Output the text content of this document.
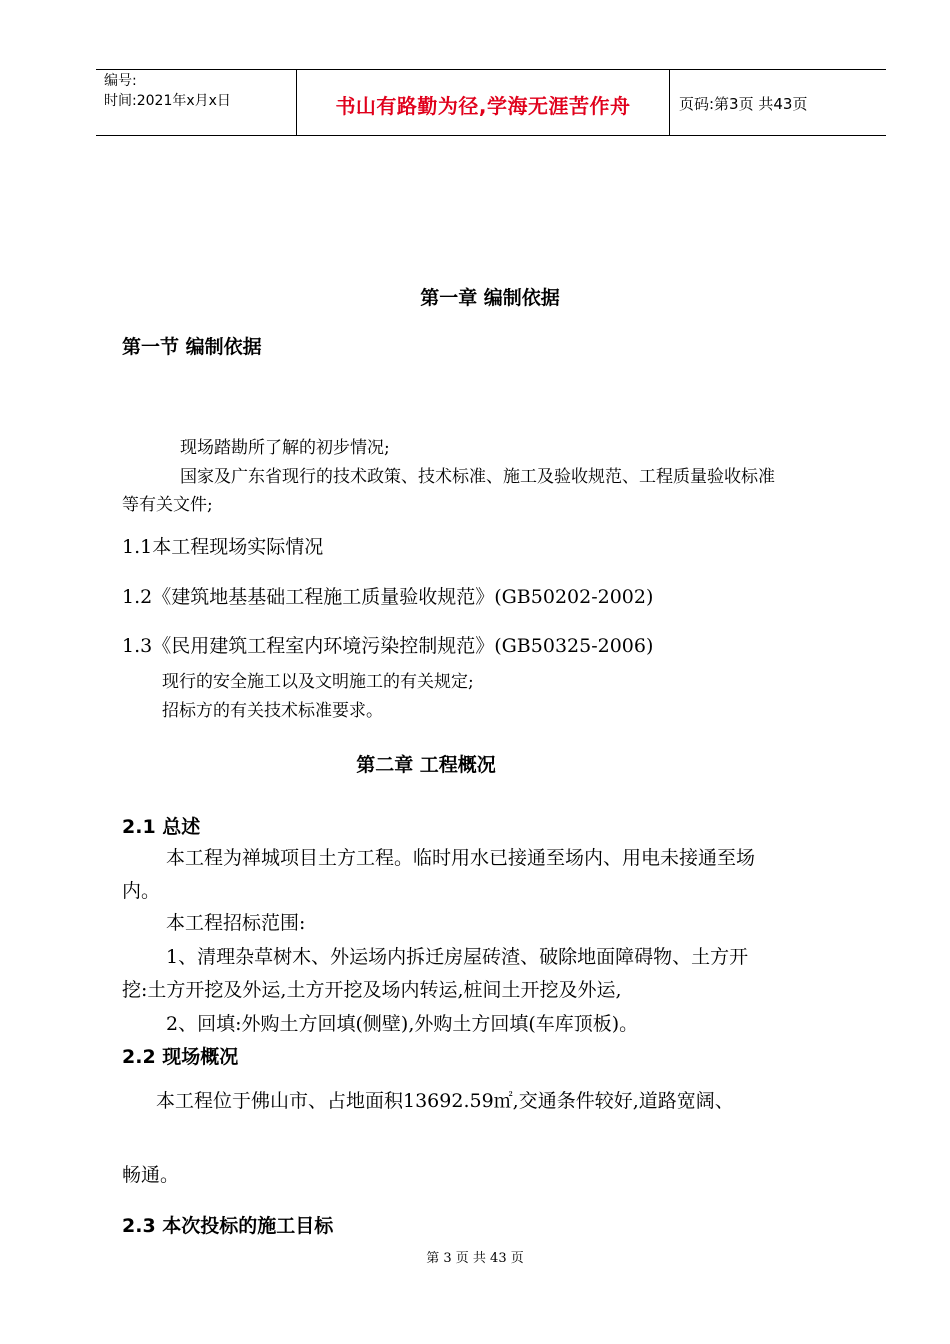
编号:
时间:2021年x月x日	书山有路勤为径,学海无涯苦作舟	页码:第3页 共43页
第一章 编制依据
第一节 编制依据
现场踏勘所了解的初步情况;
国家及广东省现行的技术政策、技术标准、施工及验收规范、工程质量验收标准
等有关文件;
1.1本工程现场实际情况
1.2《建筑地基基础工程施工质量验收规范》(GB50202-2002)
1.3《民用建筑工程室内环境污染控制规范》(GB50325-2006)
现行的安全施工以及文明施工的有关规定;
招标方的有关技术标准要求。
第二章 工程概况
2.1 总述
本工程为禅城项目土方工程。临时用水已接通至场内、用电未接通至场
内。
本工程招标范围:
1、清理杂草树木、外运场内拆迁房屋砖渣、破除地面障碍物、土方开
挖:土方开挖及外运,土方开挖及场内转运,桩间土开挖及外运,
2、回填:外购土方回填(侧壁),外购土方回填(车库顶板)。
2.2 现场概况
本工程位于佛山市、占地面积13692.59㎡,交通条件较好,道路宽阔、
畅通。
2.3 本次投标的施工目标
第 3 页 共 43 页
